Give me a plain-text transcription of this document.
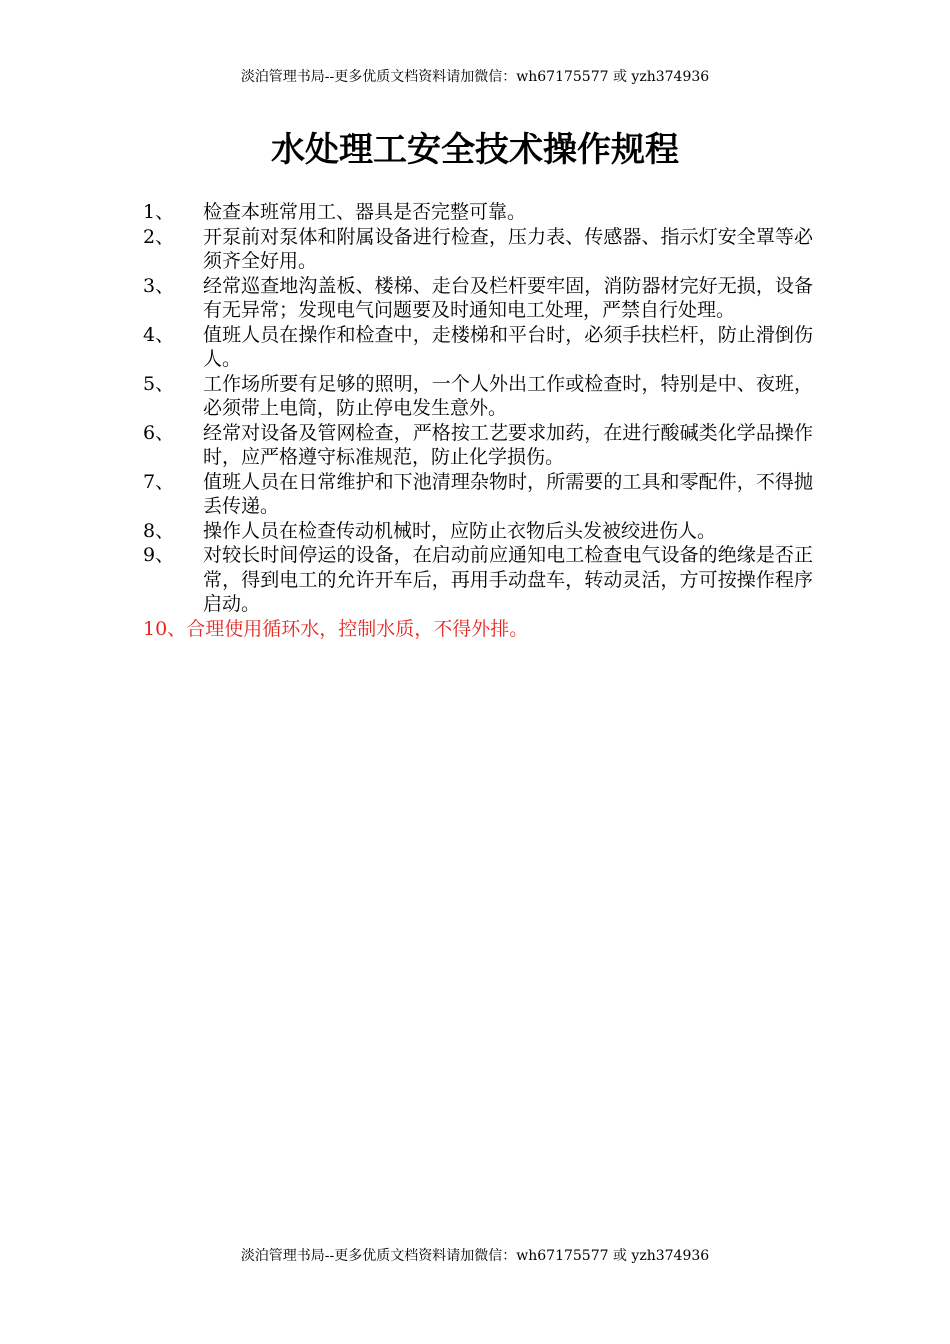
淡泊管理书局--更多优质文档资料请加微信：wh67175577 或 yzh374936
水处理工安全技术操作规程
1、	检查本班常用工、器具是否完整可靠。
2、	开泵前对泵体和附属设备进行检查，压力表、传感器、指示灯安全罩等必须齐全好用。
3、	经常巡查地沟盖板、楼梯、走台及栏杆要牢固，消防器材完好无损，设备有无异常；发现电气问题要及时通知电工处理，严禁自行处理。
4、	值班人员在操作和检查中，走楼梯和平台时，必须手扶栏杆，防止滑倒伤人。
5、	工作场所要有足够的照明，一个人外出工作或检查时，特别是中、夜班，必须带上电筒，防止停电发生意外。
6、	经常对设备及管网检查，严格按工艺要求加药，在进行酸碱类化学品操作时，应严格遵守标准规范，防止化学损伤。
7、	值班人员在日常维护和下池清理杂物时，所需要的工具和零配件，不得抛丢传递。
8、	操作人员在检查传动机械时，应防止衣物后头发被绞进伤人。
9、	对较长时间停运的设备，在启动前应通知电工检查电气设备的绝缘是否正常，得到电工的允许开车后，再用手动盘车，转动灵活，方可按操作程序启动。
10、 合理使用循环水，控制水质，不得外排。
淡泊管理书局--更多优质文档资料请加微信：wh67175577 或 yzh374936
